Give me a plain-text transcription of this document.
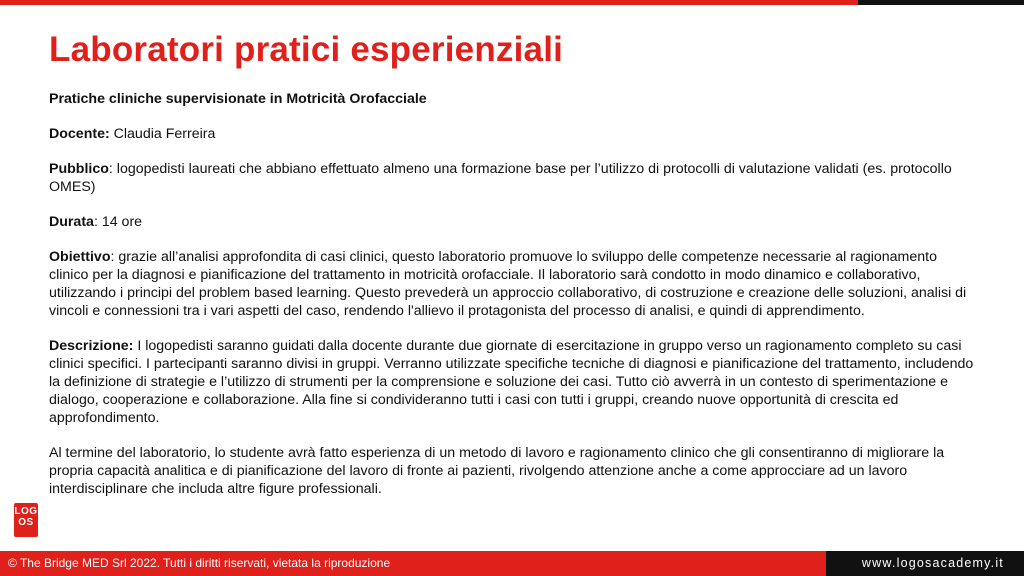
Laboratori pratici esperienziali

Pratiche cliniche supervisionate in Motricità Orofacciale

Docente: Claudia Ferreira

Pubblico: logopedisti laureati che abbiano effettuato almeno una formazione base per l’utilizzo di protocolli di valutazione validati (es. protocollo OMES)

Durata: 14 ore

Obiettivo: grazie all’analisi approfondita di casi clinici, questo laboratorio promuove lo sviluppo delle competenze necessarie al ragionamento clinico per la diagnosi e pianificazione del trattamento in motricità orofacciale. Il laboratorio sarà condotto in modo dinamico e collaborativo, utilizzando i principi del problem based learning. Questo prevederà un approccio collaborativo, di costruzione e creazione delle soluzioni, analisi di vincoli e connessioni tra i vari aspetti del caso, rendendo l'allievo il protagonista del processo di analisi, e quindi di apprendimento.

Descrizione: I logopedisti saranno guidati dalla docente durante due giornate di esercitazione in gruppo verso un ragionamento completo su casi clinici specifici. I partecipanti saranno divisi in gruppi. Verranno utilizzate specifiche tecniche di diagnosi e pianificazione del trattamento, includendo la definizione di strategie e l’utilizzo di strumenti per la comprensione e soluzione dei casi. Tutto ciò avverrà in un contesto di sperimentazione e dialogo, cooperazione e collaborazione. Alla fine si condivideranno tutti i casi con tutti i gruppi, creando nuove opportunità di crescita ed approfondimento.

Al termine del laboratorio, lo studente avrà fatto esperienza di un metodo di lavoro e ragionamento clinico che gli consentiranno di migliorare la propria capacità analitica e di pianificazione del lavoro di fronte ai pazienti, rivolgendo attenzione anche a come approcciare ad un lavoro interdisciplinare che includa altre figure professionali.

LOG
OS
© The Bridge MED Srl 2022. Tutti i diritti riservati, vietata la riproduzione	www.logosacademy.it
